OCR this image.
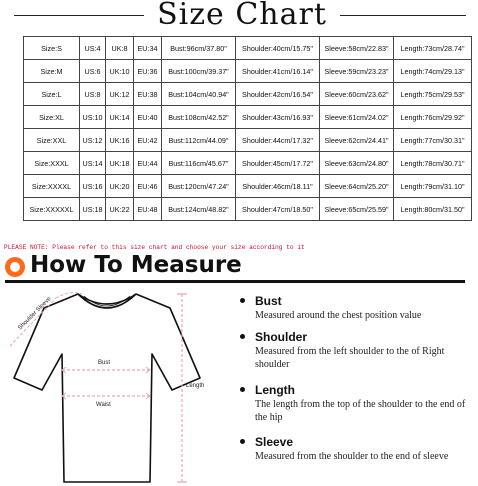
Size Chart
Size:S	US:4	UK:8	EU:34	Bust:96cm/37.80"	Shoulder:40cm/15.75"	Sleeve:58cm/22.83"	Length:73cm/28.74"
Size:M	US:6	UK:10	EU:36	Bust:100cm/39.37"	Shoulder:41cm/16.14"	Sleeve:59cm/23.23"	Length:74cm/29.13"
Size:L	US:8	UK:12	EU:38	Bust:104cm/40.94"	Shoulder:42cm/16.54"	Sleeve:60cm/23.62"	Length:75cm/29.53"
Size:XL	US:10	UK:14	EU:40	Bust:108cm/42.52"	Shoulder:43cm/16.93"	Sleeve:61cm/24.02"	Length:76cm/29.92"
Size:XXL	US:12	UK:16	EU:42	Bust:112cm/44.09"	Shoulder:44cm/17.32"	Sleeve:62cm/24.41"	Length:77cm/30.31"
Size:XXXL	US:14	UK:18	EU:44	Bust:116cm/45.67"	Shoulder:45cm/17.72"	Sleeve:63cm/24.80"	Length:78cm/30.71"
Size:XXXXL	US:16	UK:20	EU:46	Bust:120cm/47.24"	Shoulder:46cm/18.11"	Sleeve:64cm/25.20"	Length:79cm/31.10"
Size:XXXXXL	US:18	UK:22	EU:48	Bust:124cm/48.82"	Shoulder:47cm/18.50"	Sleeve:65cm/25.59"	Length:80cm/31.50"
PLEASE NOTE: Please refer to this size chart and choose your size according to it
How To Measure
Shoulder Sleeve
Bust
Waist
Length
Bust
Measured around the chest position value
Shoulder
Measured from the left shoulder to the of Right shoulder
Length
The length from the top of the shoulder to the end of the hip
Sleeve
Measured from the shoulder to the end of sleeve
